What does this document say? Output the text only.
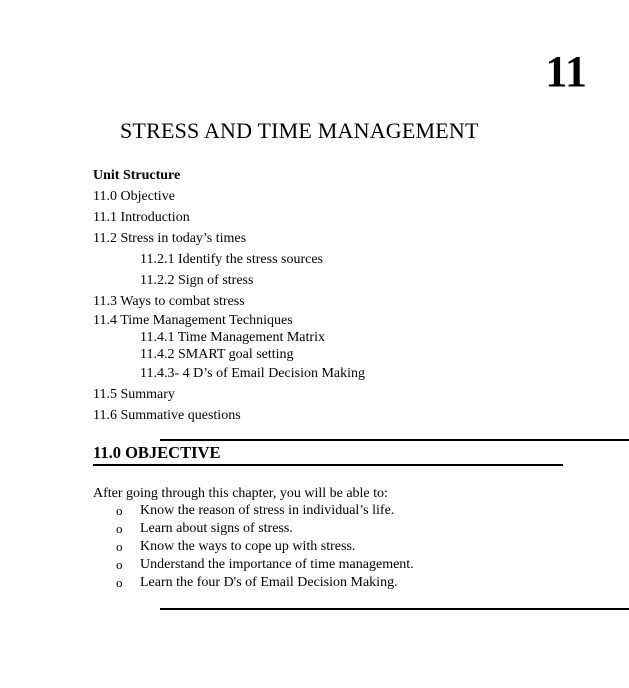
11
STRESS AND TIME MANAGEMENT
Unit Structure
11.0 Objective
11.1 Introduction
11.2 Stress in today’s times
11.2.1 Identify the stress sources
11.2.2 Sign of stress
11.3 Ways to combat stress
11.4 Time Management Techniques
11.4.1 Time Management Matrix
11.4.2 SMART goal setting
11.4.3- 4 D’s of Email Decision Making
11.5 Summary
11.6 Summative questions
11.0 OBJECTIVE
After going through this chapter, you will be able to:
o	Know the reason of stress in individual’s life.
o	Learn about signs of stress.
o	Know the ways to cope up with stress.
o	Understand the importance of time management.
o	Learn the four D's of Email Decision Making.
